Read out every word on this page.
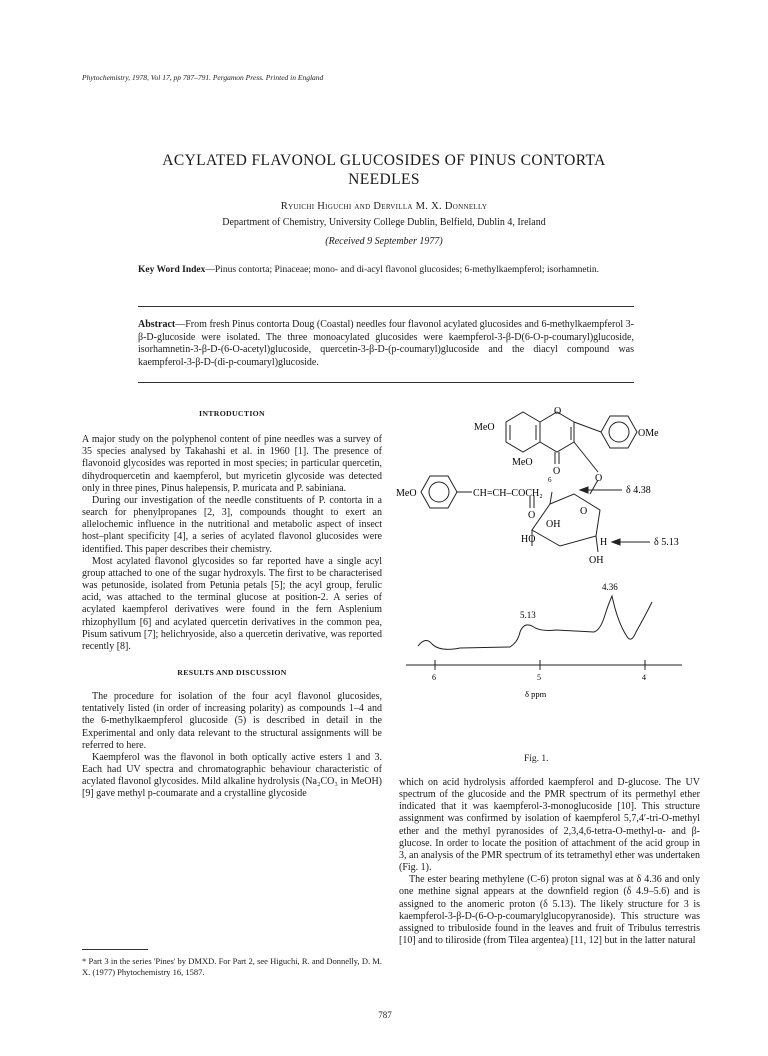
Phytochemistry, 1978, Vol 17, pp 787–791. Pergamon Press. Printed in England
ACYLATED FLAVONOL GLUCOSIDES OF PINUS CONTORTA
NEEDLES
Ryuichi Higuchi and Dervilla M. X. Donnelly
Department of Chemistry, University College Dublin, Belfield, Dublin 4, Ireland
(Received 9 September 1977)
Key Word Index—Pinus contorta; Pinaceae; mono- and di-acyl flavonol glucosides; 6-methylkaempferol; isorhamnetin.
Abstract—From fresh Pinus contorta Doug (Coastal) needles four flavonol acylated glucosides and 6-methylkaempferol 3-β-D-glucoside were isolated. The three monoacylated glucosides were kaempferol-3-β-D(6-O-p-coumaryl)glucoside, isorhamnetin-3-β-D-(6-O-acetyl)glucoside, quercetin-3-β-D-(p-coumaryl)glucoside and the diacyl compound was kaempferol-3-β-D-(di-p-coumaryl)glucoside.
INTRODUCTION

A major study on the polyphenol content of pine needles was a survey of 35 species analysed by Takahashi et al. in 1960 [1]. The presence of flavonoid glycosides was reported in most species; in particular quercetin, dihydroquercetin and kaempferol, but myricetin glycoside was detected only in three pines, Pinus halepensis, P. muricata and P. sabiniana.

During our investigation of the needle constituents of P. contorta in a search for phenylpropanes [2, 3], compounds thought to exert an allelochemic influence in the nutritional and metabolic aspect of insect host–plant specificity [4], a series of acylated flavonol glucosides were identified. This paper describes their chemistry.

Most acylated flavonol glycosides so far reported have a single acyl group attached to one of the sugar hydroxyls. The first to be characterised was petunoside, isolated from Petunia petals [5]; the acyl group, ferulic acid, was attached to the terminal glucose at position-2. A series of acylated kaempferol derivatives were found in the fern Asplenium rhizophyllum [6] and acylated quercetin derivatives in the common pea, Pisum sativum [7]; helichryoside, also a quercetin derivative, was reported recently [8].

RESULTS AND DISCUSSION

The procedure for isolation of the four acyl flavonol glucosides, tentatively listed (in order of increasing polarity) as compounds 1–4 and the 6-methylkaempferol glucoside (5) is described in detail in the Experimental and only data relevant to the structural assignments will be referred to here.

Kaempferol was the flavonol in both optically active esters 1 and 3. Each had UV spectra and chromatographic behaviour characteristic of acylated flavonol glycosides. Mild alkaline hydrolysis (Na₂CO₃ in MeOH) [9] gave methyl p-coumarate and a crystalline glycoside

* Part 3 in the series 'Pines' by DMXD. For Part 2, see Higuchi, R. and Donnelly, D. M. X. (1977) Phytochemistry 16, 1587.
MeO
OMe
O
MeO
O
O
6
MeO	CH=CH–COCH₂
O	O
OH
HO	H
OH
δ 4.38
δ 5.13
4.36
5.13
6	5	4
δ ppm
Fig. 1.

which on acid hydrolysis afforded kaempferol and D-glucose. The UV spectrum of the glucoside and the PMR spectrum of its permethyl ether indicated that it was kaempferol-3-monoglucoside [10]. This structure assignment was confirmed by isolation of kaempferol 5,7,4′-tri-O-methyl ether and the methyl pyranosides of 2,3,4,6-tetra-O-methyl-α- and β-glucose. In order to locate the position of attachment of the acid group in 3, an analysis of the PMR spectrum of its tetramethyl ether was undertaken (Fig. 1).

The ester bearing methylene (C-6) proton signal was at δ 4.36 and only one methine signal appears at the downfield region (δ 4.9–5.6) and is assigned to the anomeric proton (δ 5.13). The likely structure for 3 is kaempferol-3-β-D-(6-O-p-coumarylglucopyranoside). This structure was assigned to tribuloside found in the leaves and fruit of Tribulus terrestris [10] and to tiliroside (from Tilea argentea) [11, 12] but in the latter natural

787
